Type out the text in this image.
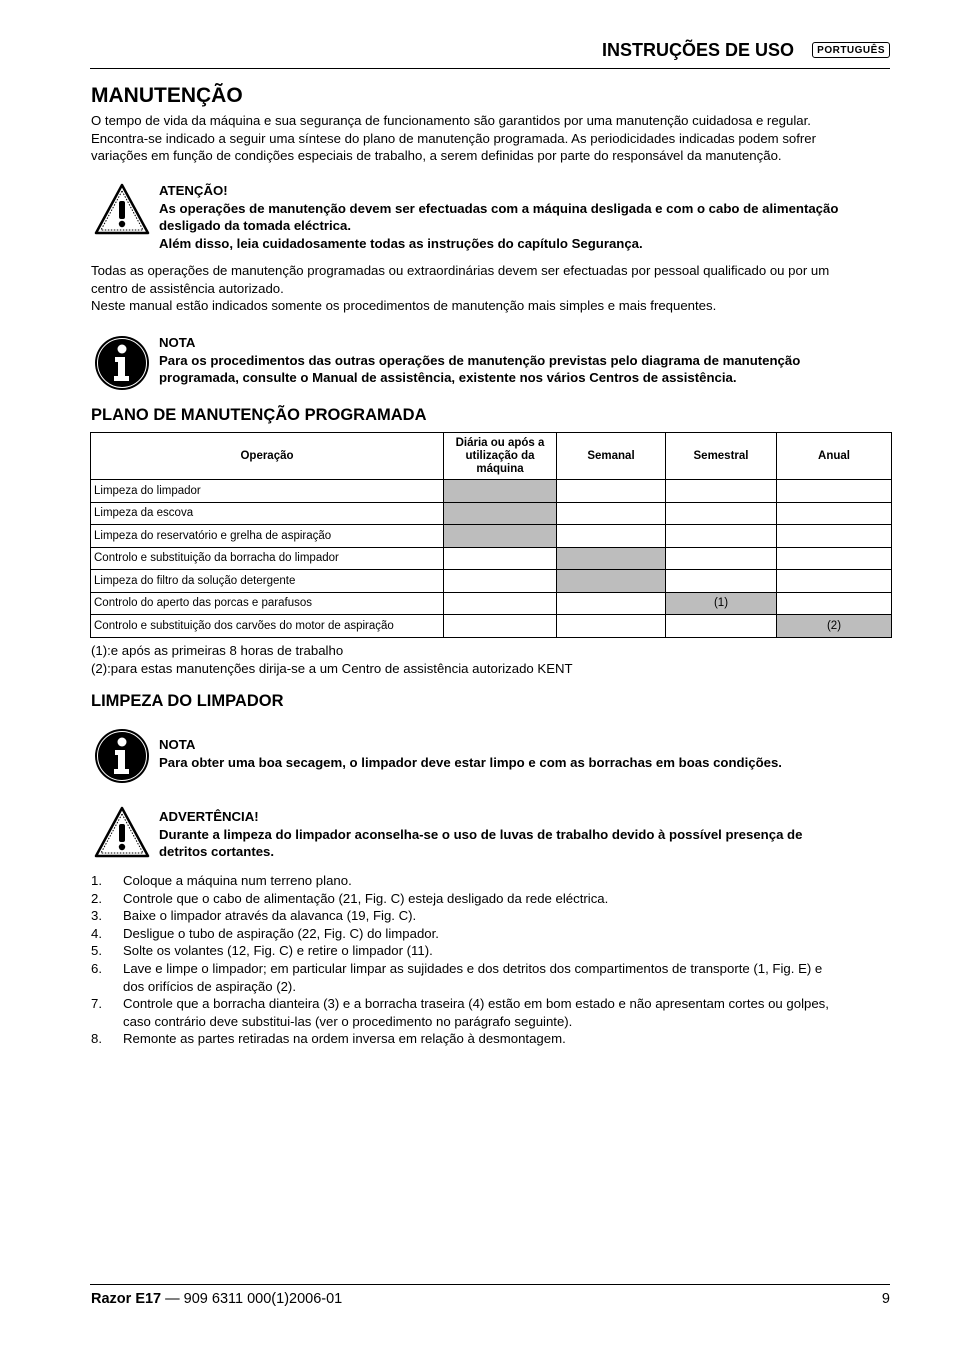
INSTRUÇÕES DE USO	PORTUGUÊS
MANUTENÇÃO
O tempo de vida da máquina e sua segurança de funcionamento são garantidos por uma manutenção cuidadosa e regular.
Encontra-se indicado a seguir uma síntese do plano de manutenção programada. As periodicidades indicadas podem sofrer
variações em função de condições especiais de trabalho, a serem definidas por parte do responsável da manutenção.
ATENÇÃO!
As operações de manutenção devem ser efectuadas com a máquina desligada e com o cabo de alimentação
desligado da tomada eléctrica.
Além disso, leia cuidadosamente todas as instruções do capítulo Segurança.
Todas as operações de manutenção programadas ou extraordinárias devem ser efectuadas por pessoal qualificado ou por um
centro de assistência autorizado.
Neste manual estão indicados somente os procedimentos de manutenção mais simples e mais frequentes.
NOTA
Para os procedimentos das outras operações de manutenção previstas pelo diagrama de manutenção
programada, consulte o Manual de assistência, existente nos vários Centros de assistência.
PLANO DE MANUTENÇÃO PROGRAMADA
Operação	Diária ou após a utilização da máquina	Semanal	Semestral	Anual
Limpeza do limpador				
Limpeza da escova				
Limpeza do reservatório e grelha de aspiração				
Controlo e substituição da borracha do limpador				
Limpeza do filtro da solução detergente				
Controlo do aperto das porcas e parafusos			(1)	
Controlo e substituição dos carvões do motor de aspiração				(2)
(1):e após as primeiras 8 horas de trabalho
(2):para estas manutenções dirija-se a um Centro de assistência autorizado KENT
LIMPEZA DO LIMPADOR
NOTA
Para obter uma boa secagem, o limpador deve estar limpo e com as borrachas em boas condições.
ADVERTÊNCIA!
Durante a limpeza do limpador aconselha-se o uso de luvas de trabalho devido à possível presença de
detritos cortantes.
1. Coloque a máquina num terreno plano.
2. Controle que o cabo de alimentação (21, Fig. C) esteja desligado da rede eléctrica.
3. Baixe o limpador através da alavanca (19, Fig. C).
4. Desligue o tubo de aspiração (22, Fig. C) do limpador.
5. Solte os volantes (12, Fig. C) e retire o limpador (11).
6. Lave e limpe o limpador; em particular limpar as sujidades e dos detritos dos compartimentos de transporte (1, Fig. E) e
dos orifícios de aspiração (2).
7. Controle que a borracha dianteira (3) e a borracha traseira (4) estão em bom estado e não apresentam cortes ou golpes,
caso contrário deve substitui-las (ver o procedimento no parágrafo seguinte).
8. Remonte as partes retiradas na ordem inversa em relação à desmontagem.
Razor E17 — 909 6311 000(1)2006-01	9
